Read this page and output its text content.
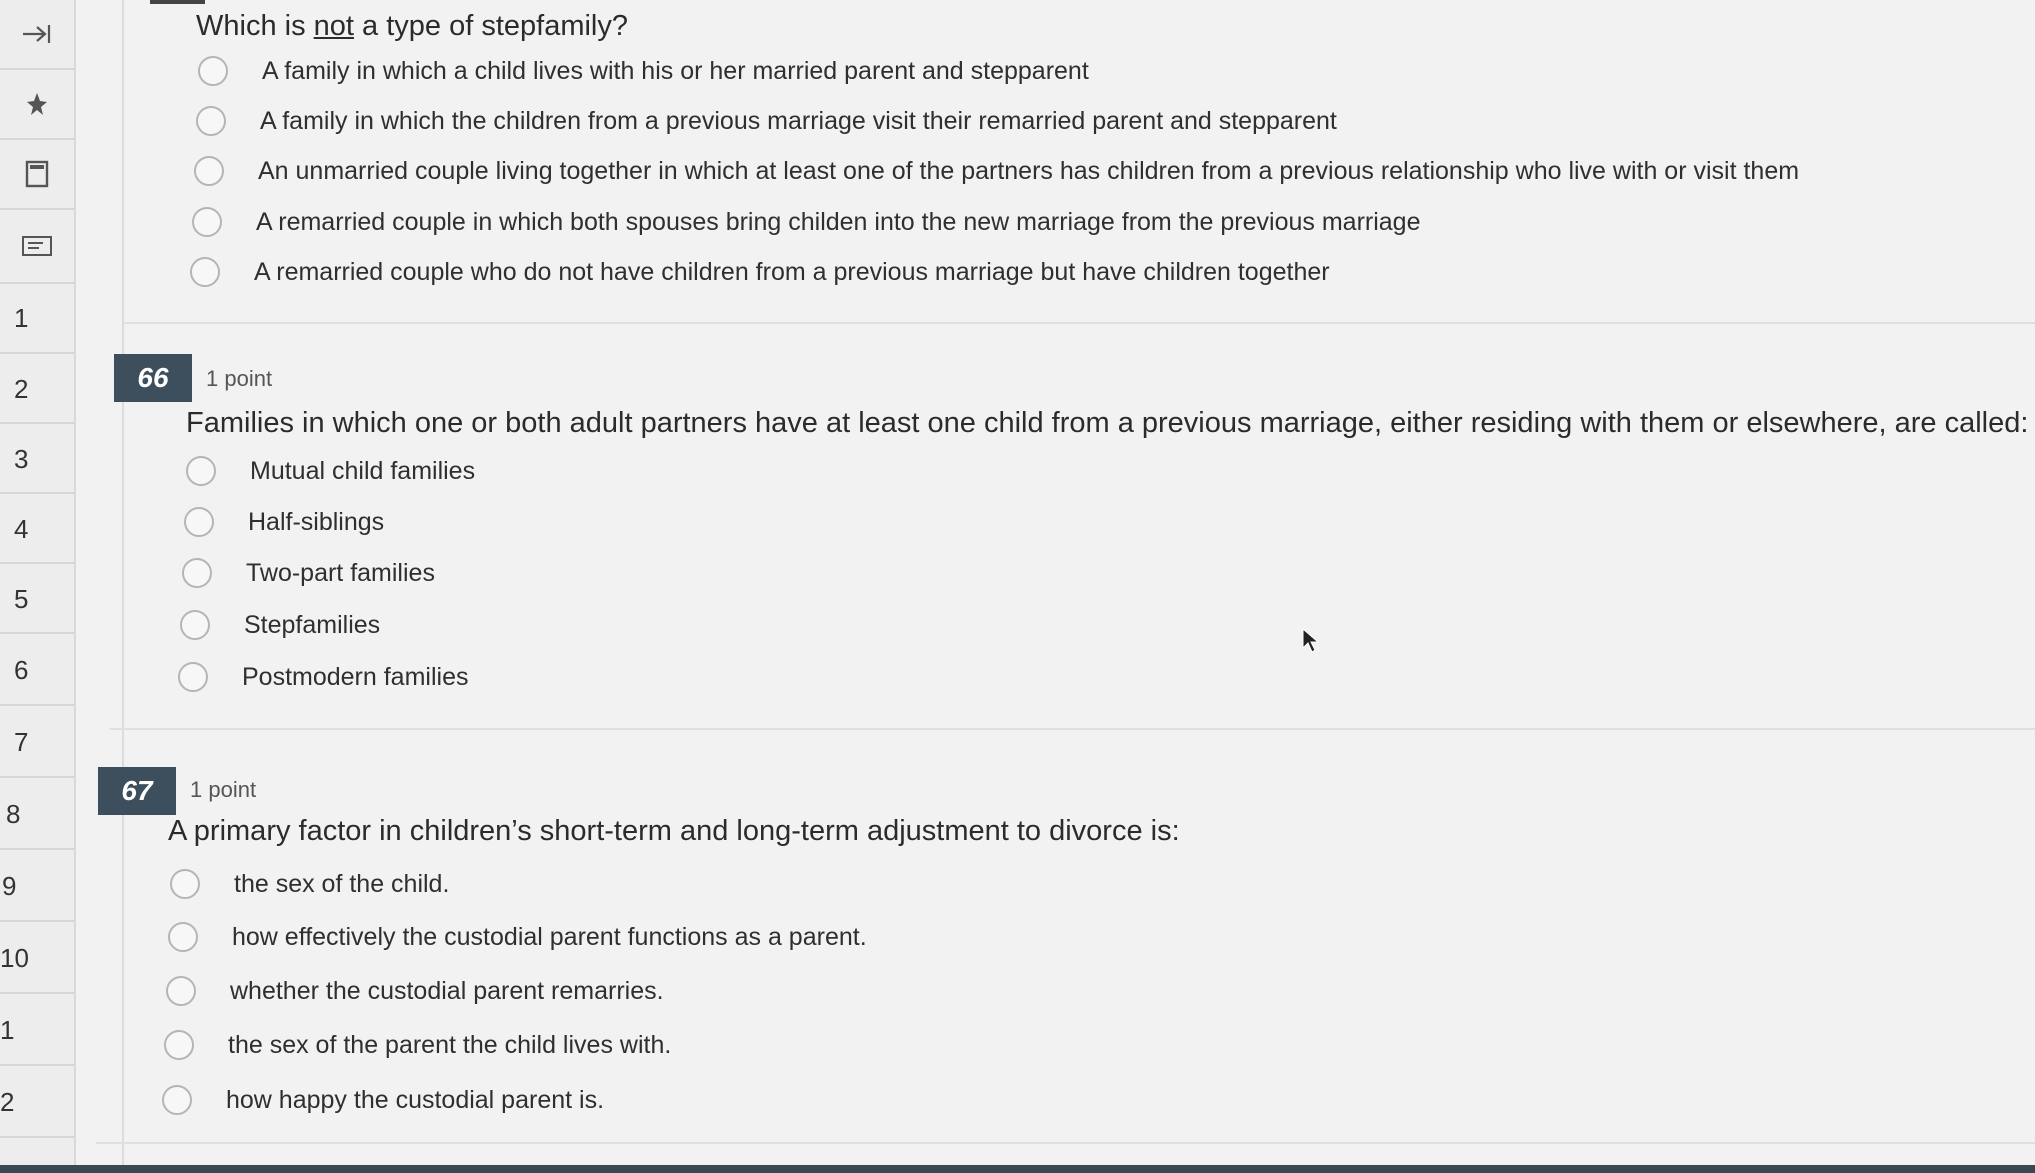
1
2
3
4
5
6
7
8
9
10
1
2
Which is not a type of stepfamily?
A family in which a child lives with his or her married parent and stepparent
A family in which the children from a previous marriage visit their remarried parent and stepparent
An unmarried couple living together in which at least one of the partners has children from a previous relationship who live with or visit them
A remarried couple in which both spouses bring childen into the new marriage from the previous marriage
A remarried couple who do not have children from a previous marriage but have children together
66	1 point
Families in which one or both adult partners have at least one child from a previous marriage, either residing with them or elsewhere, are called:
Mutual child families
Half-siblings
Two-part families
Stepfamilies
Postmodern families
67	1 point
A primary factor in children’s short-term and long-term adjustment to divorce is:
the sex of the child.
how effectively the custodial parent functions as a parent.
whether the custodial parent remarries.
the sex of the parent the child lives with.
how happy the custodial parent is.
